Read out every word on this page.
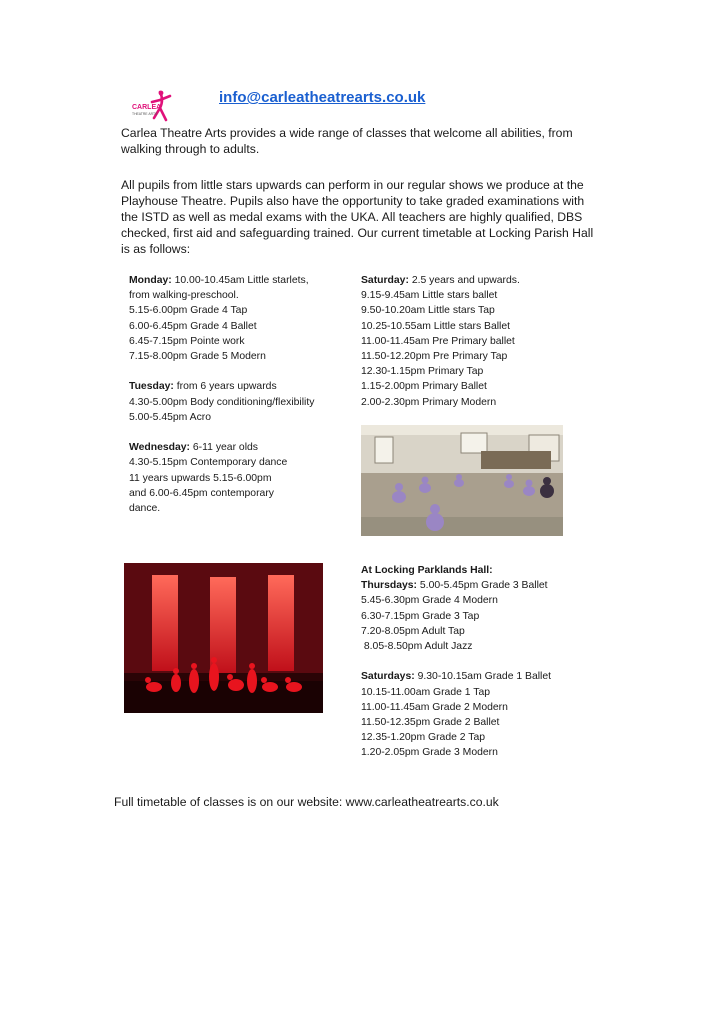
CARLEA
THEATRE ARTS
info@carleatheatrearts.co.uk
Carlea Theatre Arts provides a wide range of classes that welcome all abilities, from walking through to adults.
All pupils from little stars upwards can perform in our regular shows we produce at the Playhouse Theatre. Pupils also have the opportunity to take graded examinations with the ISTD as well as medal exams with the UKA. All teachers are highly qualified, DBS checked, first aid and safeguarding trained. Our current timetable at Locking Parish Hall is as follows:
Monday: 10.00-10.45am Little starlets,
from walking-preschool.
5.15-6.00pm Grade 4 Tap
6.00-6.45pm Grade 4 Ballet
6.45-7.15pm Pointe work
7.15-8.00pm Grade 5 Modern
Tuesday: from 6 years upwards
4.30-5.00pm Body conditioning/flexibility
5.00-5.45pm Acro
Wednesday: 6-11 year olds
4.30-5.15pm Contemporary dance
11 years upwards 5.15-6.00pm
and 6.00-6.45pm contemporary
dance.
Saturday: 2.5 years and upwards.
9.15-9.45am Little stars ballet
9.50-10.20am Little stars Tap
10.25-10.55am Little stars Ballet
11.00-11.45am Pre Primary ballet
11.50-12.20pm Pre Primary Tap
12.30-1.15pm Primary Tap
1.15-2.00pm Primary Ballet
2.00-2.30pm Primary Modern
At Locking Parklands Hall:
Thursdays: 5.00-5.45pm Grade 3 Ballet
5.45-6.30pm Grade 4 Modern
6.30-7.15pm Grade 3 Tap
7.20-8.05pm Adult Tap
8.05-8.50pm Adult Jazz
Saturdays: 9.30-10.15am Grade 1 Ballet
10.15-11.00am Grade 1 Tap
11.00-11.45am Grade 2 Modern
11.50-12.35pm Grade 2 Ballet
12.35-1.20pm Grade 2 Tap
1.20-2.05pm Grade 3 Modern
Full timetable of classes is on our website: www.carleatheatrearts.co.uk
